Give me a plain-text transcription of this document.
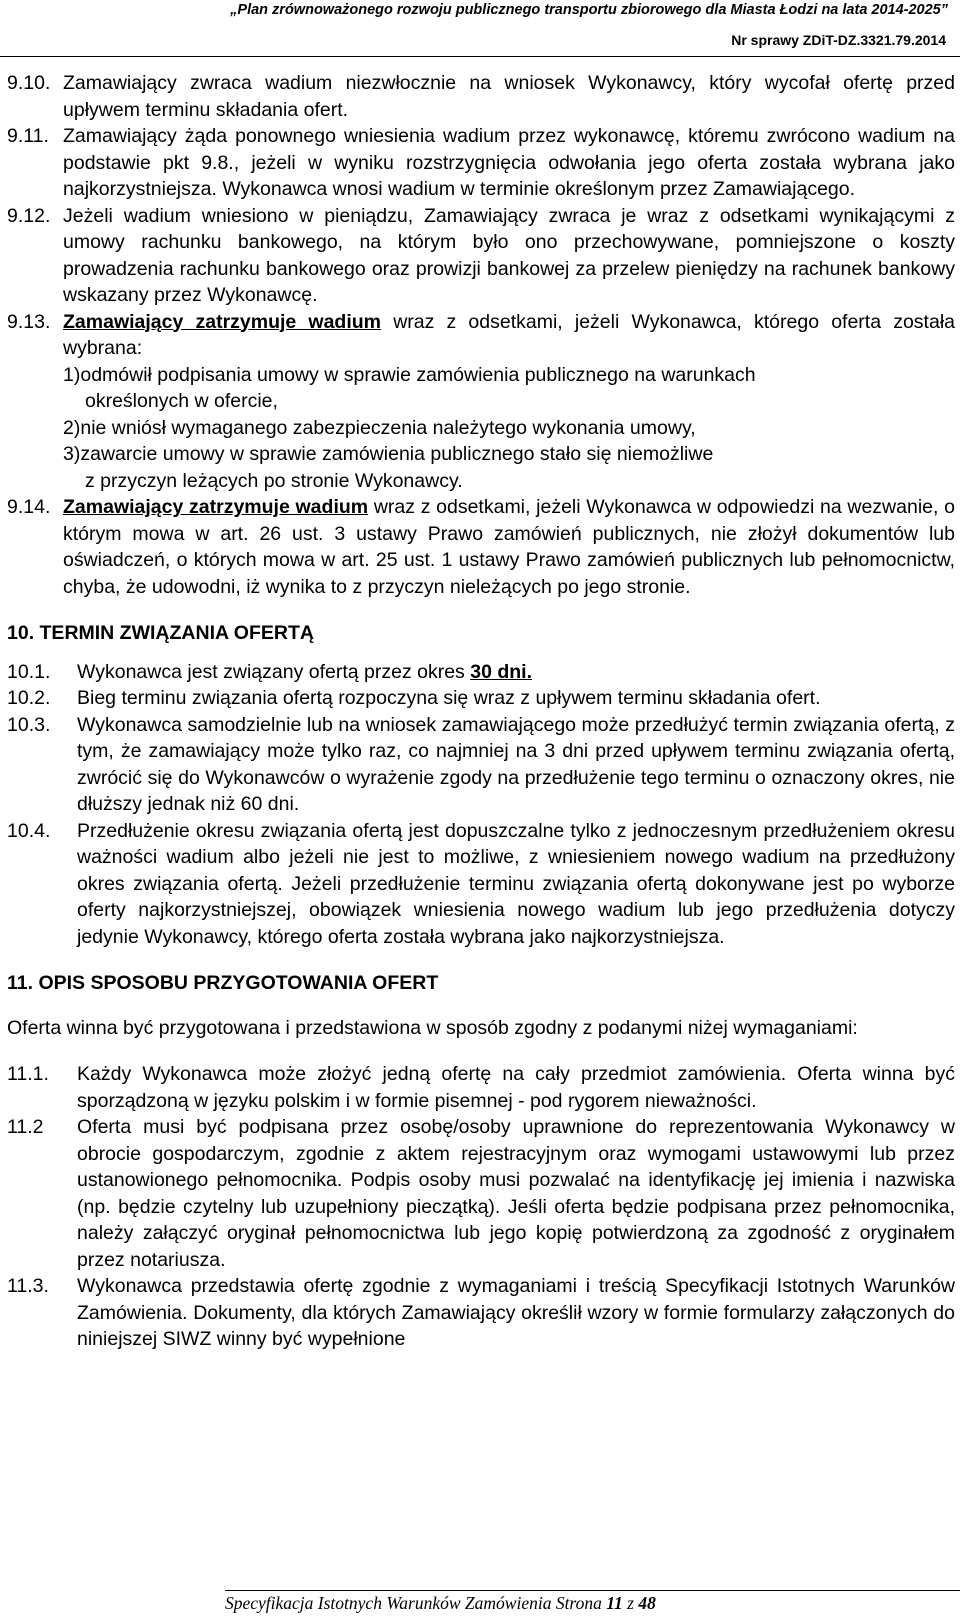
„Plan zrównoważonego rozwoju publicznego transportu zbiorowego dla Miasta Łodzi na lata 2014-2025”
Nr sprawy ZDiT-DZ.3321.79.2014
9.10. Zamawiający zwraca wadium niezwłocznie na wniosek Wykonawcy, który wycofał ofertę przed upływem terminu składania ofert.
9.11. Zamawiający żąda ponownego wniesienia wadium przez wykonawcę, któremu zwrócono wadium na podstawie pkt 9.8., jeżeli w wyniku rozstrzygnięcia odwołania jego oferta została wybrana jako najkorzystniejsza. Wykonawca wnosi wadium w terminie określonym przez Zamawiającego.
9.12. Jeżeli wadium wniesiono w pieniądzu, Zamawiający zwraca je wraz z odsetkami wynikającymi z umowy rachunku bankowego, na którym było ono przechowywane, pomniejszone o koszty prowadzenia rachunku bankowego oraz prowizji bankowej za przelew pieniędzy na rachunek bankowy wskazany przez Wykonawcę.
9.13. Zamawiający zatrzymuje wadium wraz z odsetkami, jeżeli Wykonawca, którego oferta została wybrana:
1)odmówił podpisania umowy w sprawie zamówienia publicznego na warunkach
określonych w ofercie,
2)nie wniósł wymaganego zabezpieczenia należytego wykonania umowy,
3)zawarcie umowy w sprawie zamówienia publicznego stało się niemożliwe
z przyczyn leżących po stronie Wykonawcy.
9.14. Zamawiający zatrzymuje wadium wraz z odsetkami, jeżeli Wykonawca w odpowiedzi na wezwanie, o którym mowa w art. 26 ust. 3 ustawy Prawo zamówień publicznych, nie złożył dokumentów lub oświadczeń, o których mowa w art. 25 ust. 1 ustawy Prawo zamówień publicznych lub pełnomocnictw, chyba, że udowodni, iż wynika to z przyczyn nieleżących po jego stronie.
10. TERMIN ZWIĄZANIA OFERTĄ
10.1.	Wykonawca jest związany ofertą przez okres 30 dni.
10.2.	Bieg terminu związania ofertą rozpoczyna się wraz z upływem terminu składania ofert.
10.3.	Wykonawca samodzielnie lub na wniosek zamawiającego może przedłużyć termin związania ofertą, z tym, że zamawiający może tylko raz, co najmniej na 3 dni przed upływem terminu związania ofertą, zwrócić się do Wykonawców o wyrażenie zgody na przedłużenie tego terminu o oznaczony okres, nie dłuższy jednak niż 60 dni.
10.4.	Przedłużenie okresu związania ofertą jest dopuszczalne tylko z jednoczesnym przedłużeniem okresu ważności wadium albo jeżeli nie jest to możliwe, z wniesieniem nowego wadium na przedłużony okres związania ofertą. Jeżeli przedłużenie terminu związania ofertą dokonywane jest po wyborze oferty najkorzystniejszej, obowiązek wniesienia nowego wadium lub jego przedłużenia dotyczy jedynie Wykonawcy, którego oferta została wybrana jako najkorzystniejsza.
11. OPIS SPOSOBU PRZYGOTOWANIA OFERT
Oferta winna być przygotowana i przedstawiona w sposób zgodny z podanymi niżej wymaganiami:
11.1.	Każdy Wykonawca może złożyć jedną ofertę na cały przedmiot zamówienia. Oferta winna być sporządzoną w języku polskim i w formie pisemnej - pod rygorem nieważności.
11.2	Oferta musi być podpisana przez osobę/osoby uprawnione do reprezentowania Wykonawcy w obrocie gospodarczym, zgodnie z aktem rejestracyjnym oraz wymogami ustawowymi lub przez ustanowionego pełnomocnika. Podpis osoby musi pozwalać na identyfikację jej imienia i nazwiska (np. będzie czytelny lub uzupełniony pieczątką). Jeśli oferta będzie podpisana przez pełnomocnika, należy załączyć oryginał pełnomocnictwa lub jego kopię potwierdzoną za zgodność z oryginałem przez notariusza.
11.3.	Wykonawca przedstawia ofertę zgodnie z wymaganiami i treścią Specyfikacji Istotnych Warunków Zamówienia. Dokumenty, dla których Zamawiający określił wzory w formie formularzy załączonych do niniejszej SIWZ winny być wypełnione
Specyfikacja Istotnych Warunków Zamówienia Strona 11 z 48
